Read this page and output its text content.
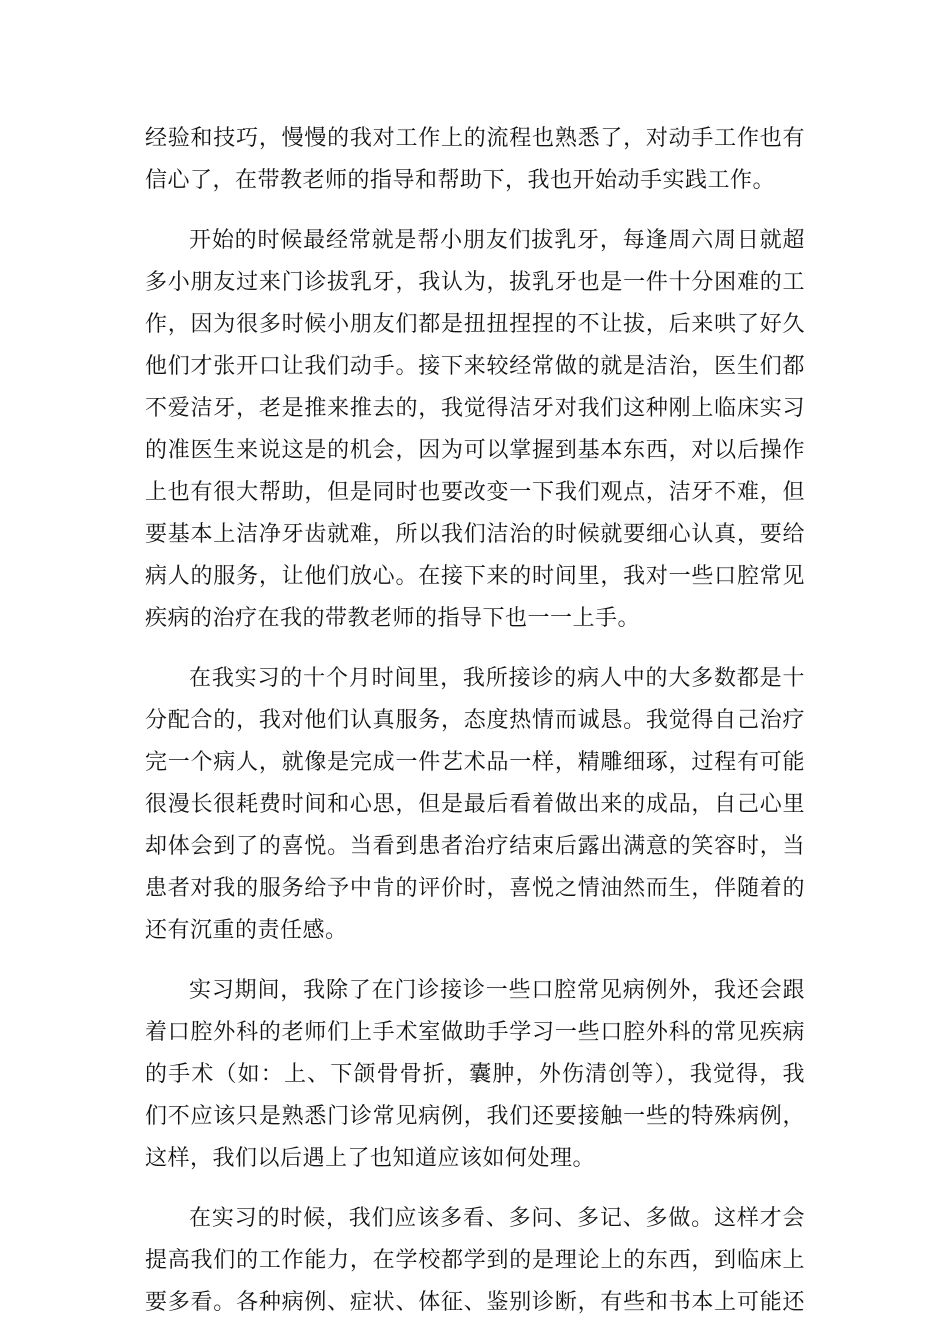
经验和技巧，慢慢的我对工作上的流程也熟悉了，对动手工作也有
信心了，在带教老师的指导和帮助下，我也开始动手实践工作。
开始的时候最经常就是帮小朋友们拔乳牙，每逢周六周日就超
多小朋友过来门诊拔乳牙，我认为，拔乳牙也是一件十分困难的工
作，因为很多时候小朋友们都是扭扭捏捏的不让拔，后来哄了好久
他们才张开口让我们动手。接下来较经常做的就是洁治，医生们都
不爱洁牙，老是推来推去的，我觉得洁牙对我们这种刚上临床实习
的准医生来说这是的机会，因为可以掌握到基本东西，对以后操作
上也有很大帮助，但是同时也要改变一下我们观点，洁牙不难，但
要基本上洁净牙齿就难，所以我们洁治的时候就要细心认真，要给
病人的服务，让他们放心。在接下来的时间里，我对一些口腔常见
疾病的治疗在我的带教老师的指导下也一一上手。
在我实习的十个月时间里，我所接诊的病人中的大多数都是十
分配合的，我对他们认真服务，态度热情而诚恳。我觉得自己治疗
完一个病人，就像是完成一件艺术品一样，精雕细琢，过程有可能
很漫长很耗费时间和心思，但是最后看着做出来的成品，自己心里
却体会到了的喜悦。当看到患者治疗结束后露出满意的笑容时，当
患者对我的服务给予中肯的评价时，喜悦之情油然而生，伴随着的
还有沉重的责任感。
实习期间，我除了在门诊接诊一些口腔常见病例外，我还会跟
着口腔外科的老师们上手术室做助手学习一些口腔外科的常见疾病
的手术（如：上、下颌骨骨折，囊肿，外伤清创等），我觉得，我
们不应该只是熟悉门诊常见病例，我们还要接触一些的特殊病例，
这样，我们以后遇上了也知道应该如何处理。
在实习的时候，我们应该多看、多问、多记、多做。这样才会
提高我们的工作能力，在学校都学到的是理论上的东西，到临床上
要多看。各种病例、症状、体征、鉴别诊断，有些和书本上可能还
